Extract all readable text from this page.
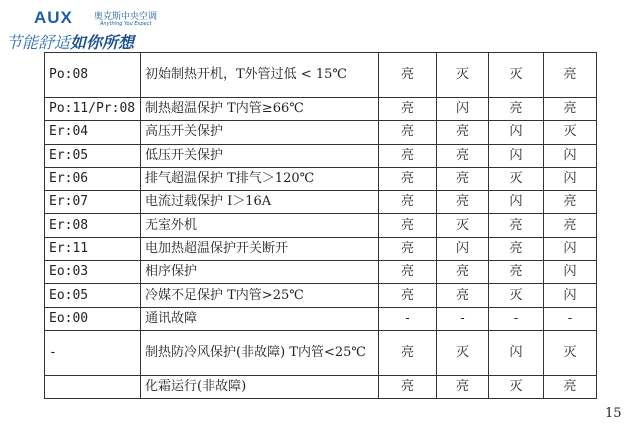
AUX 奥克斯中央空调
Anything You Expect
节能舒适如你所想
Po:08	初始制热开机，T外管过低 < 15℃	亮	灭	灭	亮
Po:11/Pr:08	制热超温保护 T内管≥66℃	亮	闪	亮	亮
Er:04	高压开关保护	亮	亮	闪	灭
Er:05	低压开关保护	亮	亮	闪	闪
Er:06	排气超温保护 T排气＞120℃	亮	亮	灭	闪
Er:07	电流过载保护 I＞16A	亮	亮	闪	亮
Er:08	无室外机	亮	灭	亮	亮
Er:11	电加热超温保护开关断开	亮	闪	亮	闪
Eo:03	相序保护	亮	亮	亮	闪
Eo:05	冷媒不足保护 T内管>25℃	亮	亮	灭	闪
Eo:00	通讯故障	-	-	-	-
-	制热防冷风保护(非故障) T内管<25℃	亮	灭	闪	灭
	化霜运行(非故障)	亮	亮	灭	亮
15
